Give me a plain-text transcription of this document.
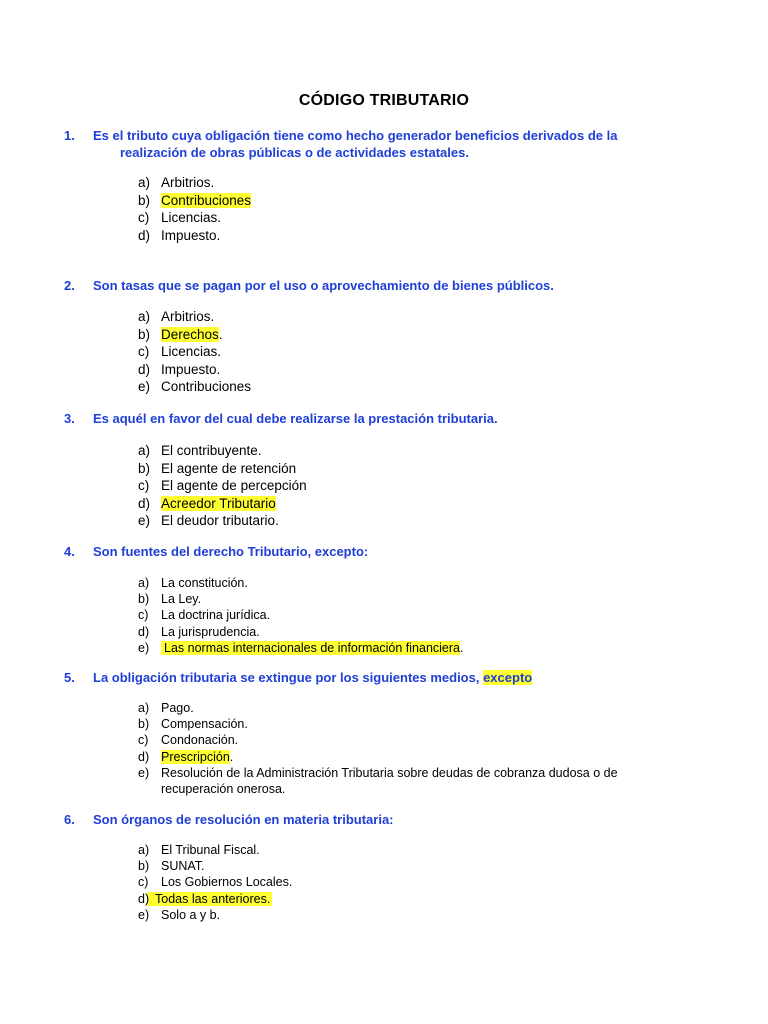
CÓDIGO TRIBUTARIO
1. Es el tributo cuya obligación tiene como hecho generador beneficios derivados de la
realización de obras públicas o de actividades estatales.
a) Arbitrios.
b) Contribuciones
c) Licencias.
d) Impuesto.
2. Son tasas que se pagan por el uso o aprovechamiento de bienes públicos.
a) Arbitrios.
b) Derechos.
c) Licencias.
d) Impuesto.
e) Contribuciones
3. Es aquél en favor del cual debe realizarse la prestación tributaria.
a) El contribuyente.
b) El agente de retención
c) El agente de percepción
d) Acreedor Tributario
e) El deudor tributario.
4. Son fuentes del derecho Tributario, excepto:
a) La constitución.
b) La Ley.
c) La doctrina jurídica.
d) La jurisprudencia.
e) Las normas internacionales de información financiera.
5. La obligación tributaria se extingue por los siguientes medios, excepto
a) Pago.
b) Compensación.
c) Condonación.
d) Prescripción.
e) Resolución de la Administración Tributaria sobre deudas de cobranza dudosa o de recuperación onerosa.
6. Son órganos de resolución en materia tributaria:
a) El Tribunal Fiscal.
b) SUNAT.
c) Los Gobiernos Locales.
d) Todas las anteriores.
e) Solo a y b.
